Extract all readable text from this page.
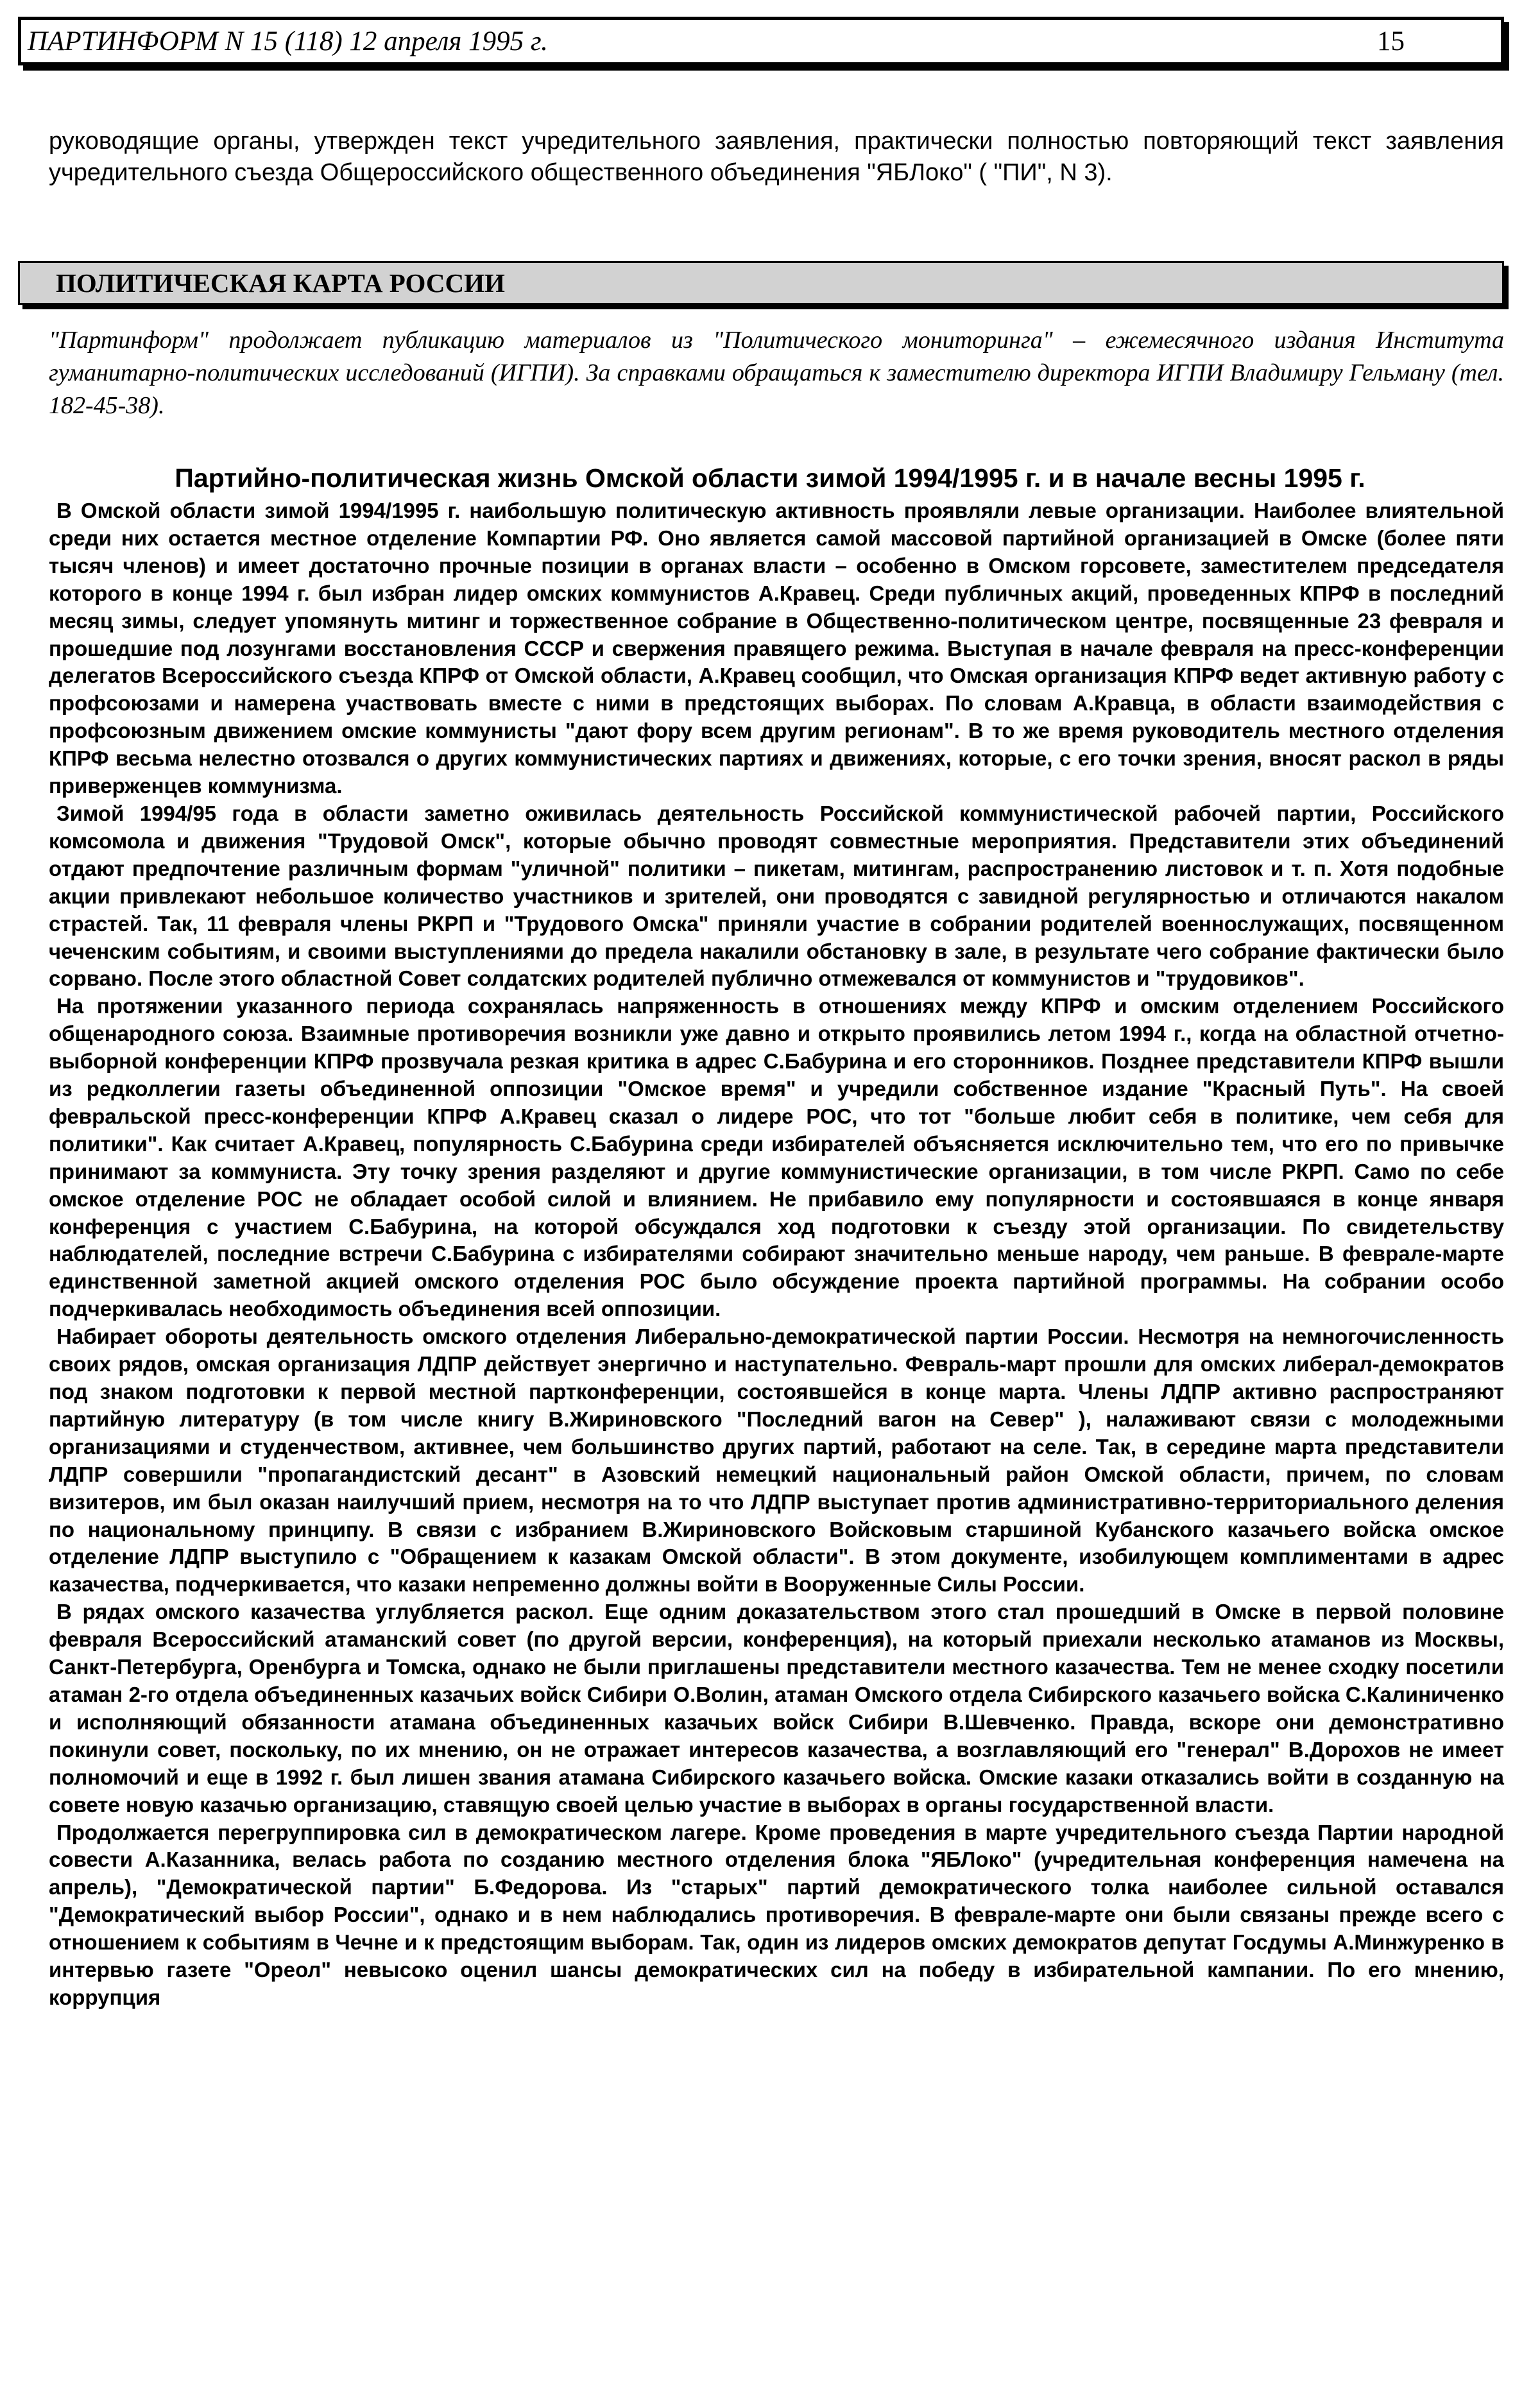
ПАРТИНФОРМ N 15 (118) 12 апреля 1995 г.	15
руководящие органы, утвержден текст учредительного заявления, практически полностью повторяющий текст заявления учредительного съезда Общероссийского общественного объединения "ЯБЛоко" ( "ПИ", N 3).
ПОЛИТИЧЕСКАЯ КАРТА РОССИИ
"Партинформ" продолжает публикацию материалов из "Политического мониторинга" – ежемесячного издания Института гуманитарно-политических исследований (ИГПИ). За справками обращаться к заместителю директора ИГПИ Владимиру Гельману (тел. 182-45-38).
Партийно-политическая жизнь Омской области зимой 1994/1995 г. и в начале весны 1995 г.

В Омской области зимой 1994/1995 г. наибольшую политическую активность проявляли левые организации. Наиболее влиятельной среди них остается местное отделение Компартии РФ. Оно является самой массовой партийной организацией в Омске (более пяти тысяч членов) и имеет достаточно прочные позиции в органах власти – особенно в Омском горсовете, заместителем председателя которого в конце 1994 г. был избран лидер омских коммунистов А.Кравец. Среди публичных акций, проведенных КПРФ в последний месяц зимы, следует упомянуть митинг и торжественное собрание в Общественно-политическом центре, посвященные 23 февраля и прошедшие под лозунгами восстановления СССР и свержения правящего режима. Выступая в начале февраля на пресс-конференции делегатов Всероссийского съезда КПРФ от Омской области, А.Кравец сообщил, что Омская организация КПРФ ведет активную работу с профсоюзами и намерена участвовать вместе с ними в предстоящих выборах. По словам А.Кравца, в области взаимодействия с профсоюзным движением омские коммунисты "дают фору всем другим регионам". В то же время руководитель местного отделения КПРФ весьма нелестно отозвался о других коммунистических партиях и движениях, которые, с его точки зрения, вносят раскол в ряды приверженцев коммунизма.

Зимой 1994/95 года в области заметно оживилась деятельность Российской коммунистической рабочей партии, Российского комсомола и движения "Трудовой Омск", которые обычно проводят совместные мероприятия. Представители этих объединений отдают предпочтение различным формам "уличной" политики – пикетам, митингам, распространению листовок и т. п. Хотя подобные акции привлекают небольшое количество участников и зрителей, они проводятся с завидной регулярностью и отличаются накалом страстей. Так, 11 февраля члены РКРП и "Трудового Омска" приняли участие в собрании родителей военнослужащих, посвященном чеченским событиям, и своими выступлениями до предела накалили обстановку в зале, в результате чего собрание фактически было сорвано. После этого областной Совет солдатских родителей публично отмежевался от коммунистов и "трудовиков".

На протяжении указанного периода сохранялась напряженность в отношениях между КПРФ и омским отделением Российского общенародного союза. Взаимные противоречия возникли уже давно и открыто проявились летом 1994 г., когда на областной отчетно-выборной конференции КПРФ прозвучала резкая критика в адрес С.Бабурина и его сторонников. Позднее представители КПРФ вышли из редколлегии газеты объединенной оппозиции "Омское время" и учредили собственное издание "Красный Путь". На своей февральской пресс-конференции КПРФ А.Кравец сказал о лидере РОС, что тот "больше любит себя в политике, чем себя для политики". Как считает А.Кравец, популярность С.Бабурина среди избирателей объясняется исключительно тем, что его по привычке принимают за коммуниста. Эту точку зрения разделяют и другие коммунистические организации, в том числе РКРП. Само по себе омское отделение РОС не обладает особой силой и влиянием. Не прибавило ему популярности и состоявшаяся в конце января конференция с участием С.Бабурина, на которой обсуждался ход подготовки к съезду этой организации. По свидетельству наблюдателей, последние встречи С.Бабурина с избирателями собирают значительно меньше народу, чем раньше. В феврале-марте единственной заметной акцией омского отделения РОС было обсуждение проекта партийной программы. На собрании особо подчеркивалась необходимость объединения всей оппозиции.

Набирает обороты деятельность омского отделения Либерально-демократической партии России. Несмотря на немногочисленность своих рядов, омская организация ЛДПР действует энергично и наступательно. Февраль-март прошли для омских либерал-демократов под знаком подготовки к первой местной партконференции, состоявшейся в конце марта. Члены ЛДПР активно распространяют партийную литературу (в том числе книгу В.Жириновского "Последний вагон на Север" ), налаживают связи с молодежными организациями и студенчеством, активнее, чем большинство других партий, работают на селе. Так, в середине марта представители ЛДПР совершили "пропагандистский десант" в Азовский немецкий национальный район Омской области, причем, по словам визитеров, им был оказан наилучший прием, несмотря на то что ЛДПР выступает против административно-территориального деления по национальному принципу. В связи с избранием В.Жириновского Войсковым старшиной Кубанского казачьего войска омское отделение ЛДПР выступило с "Обращением к казакам Омской области". В этом документе, изобилующем комплиментами в адрес казачества, подчеркивается, что казаки непременно должны войти в Вооруженные Силы России.

В рядах омского казачества углубляется раскол. Еще одним доказательством этого стал прошедший в Омске в первой половине февраля Всероссийский атаманский совет (по другой версии, конференция), на который приехали несколько атаманов из Москвы, Санкт-Петербурга, Оренбурга и Томска, однако не были приглашены представители местного казачества. Тем не менее сходку посетили атаман 2-го отдела объединенных казачьих войск Сибири О.Волин, атаман Омского отдела Сибирского казачьего войска С.Калиниченко и исполняющий обязанности атамана объединенных казачьих войск Сибири В.Шевченко. Правда, вскоре они демонстративно покинули совет, поскольку, по их мнению, он не отражает интересов казачества, а возглавляющий его "генерал" В.Дорохов не имеет полномочий и еще в 1992 г. был лишен звания атамана Сибирского казачьего войска. Омские казаки отказались войти в созданную на совете новую казачью организацию, ставящую своей целью участие в выборах в органы государственной власти.

Продолжается перегруппировка сил в демократическом лагере. Кроме проведения в марте учредительного съезда Партии народной совести А.Казанника, велась работа по созданию местного отделения блока "ЯБЛоко" (учредительная конференция намечена на апрель), "Демократической партии" Б.Федорова. Из "старых" партий демократического толка наиболее сильной оставался "Демократический выбор России", однако и в нем наблюдались противоречия. В феврале-марте они были связаны прежде всего с отношением к событиям в Чечне и к предстоящим выборам. Так, один из лидеров омских демократов депутат Госдумы А.Минжуренко в интервью газете "Ореол" невысоко оценил шансы демократических сил на победу в избирательной кампании. По его мнению, коррупция
